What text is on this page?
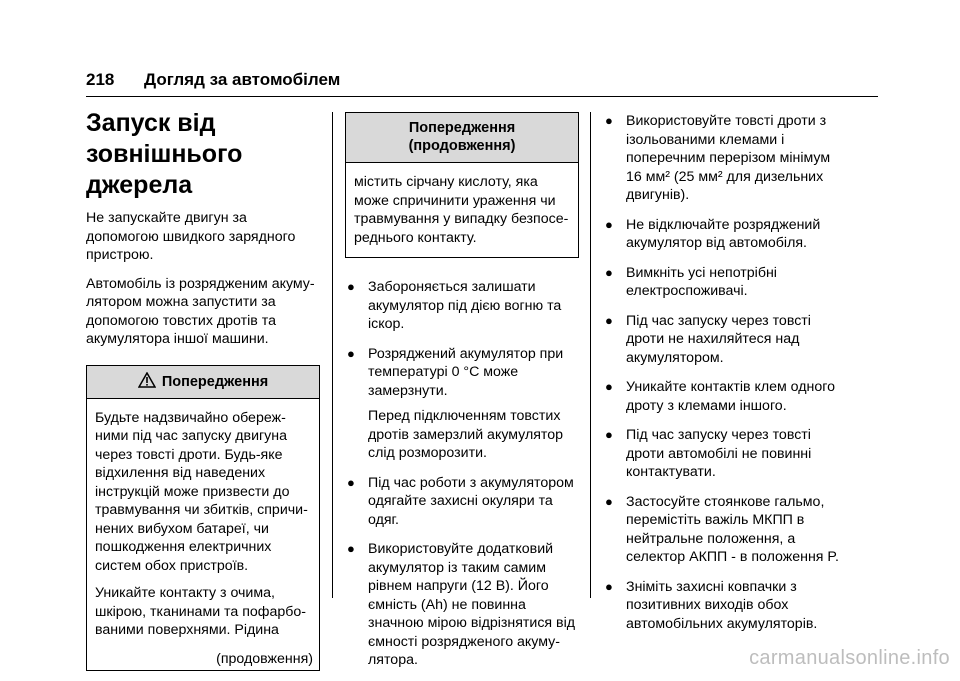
218 Догляд за автомобілем
Запуск від
зовнішнього
джерела

Не запускайте двигун за допомогою швидкого зарядного пристрою.

Автомобіль із розрядженим акумулятором можна запустити за допомогою товстих дротів та акумулятора іншої машини.

Попередження

Будьте надзвичайно обережними під час запуску двигуна через товсті дроти. Будь-яке відхилення від наведених інструкцій може призвести до травмування чи збитків, спричинених вибухом батареї, чи пошкодження електричних систем обох пристроїв.

Уникайте контакту з очима, шкірою, тканинами та пофарбованими поверхнями. Рідина

(продовження)
Попередження
(продовження)
містить сірчану кислоту, яка може спричинити ураження чи травмування у випадку безпосереднього контакту.
● Забороняється залишати акумулятор під дією вогню та іскор.
● Розряджений акумулятор при температурі 0 °C може замерзнути.
Перед підключенням товстих дротів замерзлий акумулятор слід розморозити.
● Під час роботи з акумулятором одягайте захисні окуляри та одяг.
● Використовуйте додатковий акумулятор із таким самим рівнем напруги (12 В). Його ємність (Ah) не повинна значною мірою відрізнятися від ємності розрядженого акумулятора.
● Використовуйте товсті дроти з ізольованими клемами і поперечним перерізом мінімум 16 мм² (25 мм² для дизельних двигунів).
● Не відключайте розряджений акумулятор від автомобіля.
● Вимкніть усі непотрібні електроспоживачі.
● Під час запуску через товсті дроти не нахиляйтеся над акумулятором.
● Уникайте контактів клем одного дроту з клемами іншого.
● Під час запуску через товсті дроти автомобілі не повинні контактувати.
● Застосуйте стоянкове гальмо, перемістіть важіль МКПП в нейтральне положення, а селектор АКПП - в положення P.
● Зніміть захисні ковпачки з позитивних виходів обох автомобільних акумуляторів.
carmanualsonline.info
